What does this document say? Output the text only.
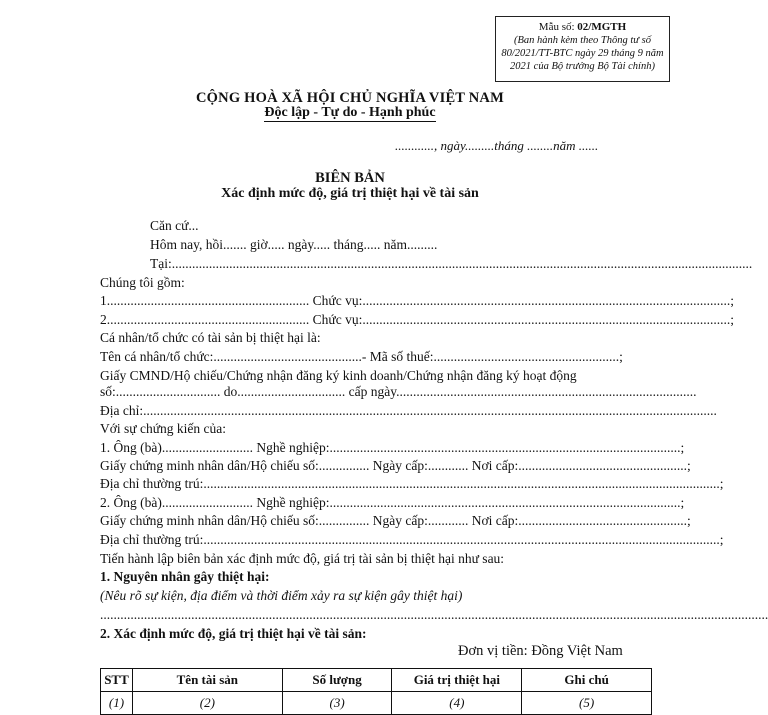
Mẫu số: 02/MGTH
(Ban hành kèm theo Thông tư số
80/2021/TT-BTC ngày 29 tháng 9 năm
2021 của Bộ trưởng Bộ Tài chính)
CỘNG HOÀ XÃ HỘI CHỦ NGHĨA VIỆT NAM
Độc lập - Tự do - Hạnh phúc
............, ngày.........tháng ........năm ......
BIÊN BẢN
Xác định mức độ, giá trị thiệt hại về tài sản
Căn cứ...
Hôm nay, hồi....... giờ..... ngày..... tháng..... năm.........
Tại:............................................................................................................................................................................
Chúng tôi gồm:
1............................................................ Chức vụ:.............................................................................................................;
2............................................................ Chức vụ:.............................................................................................................;
Cá nhân/tổ chức có tài sản bị thiệt hại là:
Tên cá nhân/tổ chức:............................................- Mã số thuế:.......................................................;
Giấy CMND/Hộ chiếu/Chứng nhận đăng ký kinh doanh/Chứng nhận đăng ký hoạt động
số:............................... do................................ cấp ngày.........................................................................................
Địa chỉ:..........................................................................................................................................................................
Với sự chứng kiến của:
1. Ông (bà)........................... Nghề nghiệp:........................................................................................................;
Giấy chứng minh nhân dân/Hộ chiếu số:............... Ngày cấp:............ Nơi cấp:..................................................;
Địa chỉ thường trú:.........................................................................................................................................................;
2. Ông (bà)........................... Nghề nghiệp:........................................................................................................;
Giấy chứng minh nhân dân/Hộ chiếu số:............... Ngày cấp:............ Nơi cấp:..................................................;
Địa chỉ thường trú:.........................................................................................................................................................;
Tiến hành lập biên bản xác định mức độ, giá trị tài sản bị thiệt hại như sau:
1. Nguyên nhân gây thiệt hại:
(Nêu rõ sự kiện, địa điểm và thời điểm xảy ra sự kiện gây thiệt hại)
......................................................................................................................................................................................................
2. Xác định mức độ, giá trị thiệt hại về tài sản:
Đơn vị tiền: Đồng Việt Nam
STT	Tên tài sản	Số lượng	Giá trị thiệt hại	Ghi chú
(1)	(2)	(3)	(4)	(5)
